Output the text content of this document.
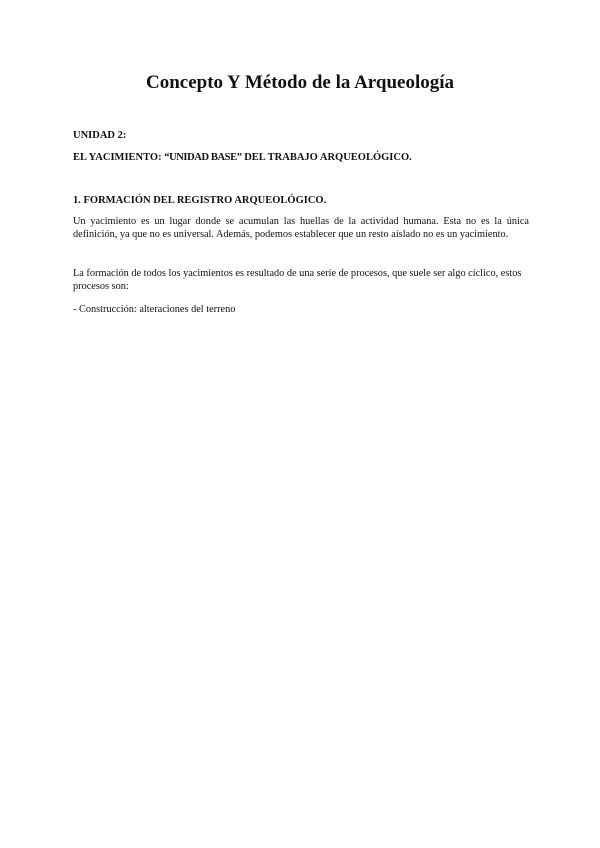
Concepto Y Método de la Arqueología

UNIDAD 2:

EL YACIMIENTO: “UNIDAD BASE” DEL TRABAJO ARQUEOLÓGICO.

1. FORMACIÓN DEL REGISTRO ARQUEOLÓGICO.

Un yacimiento es un lugar donde se acumulan las huellas de la actividad humana. Esta no es la única definición, ya que no es universal. Además, podemos establecer que un resto aislado no es un yacimiento.

La formación de todos los yacimientos es resultado de una serie de procesos, que suele ser algo cíclico, estos procesos son:

- Construcción: alteraciones del terreno
